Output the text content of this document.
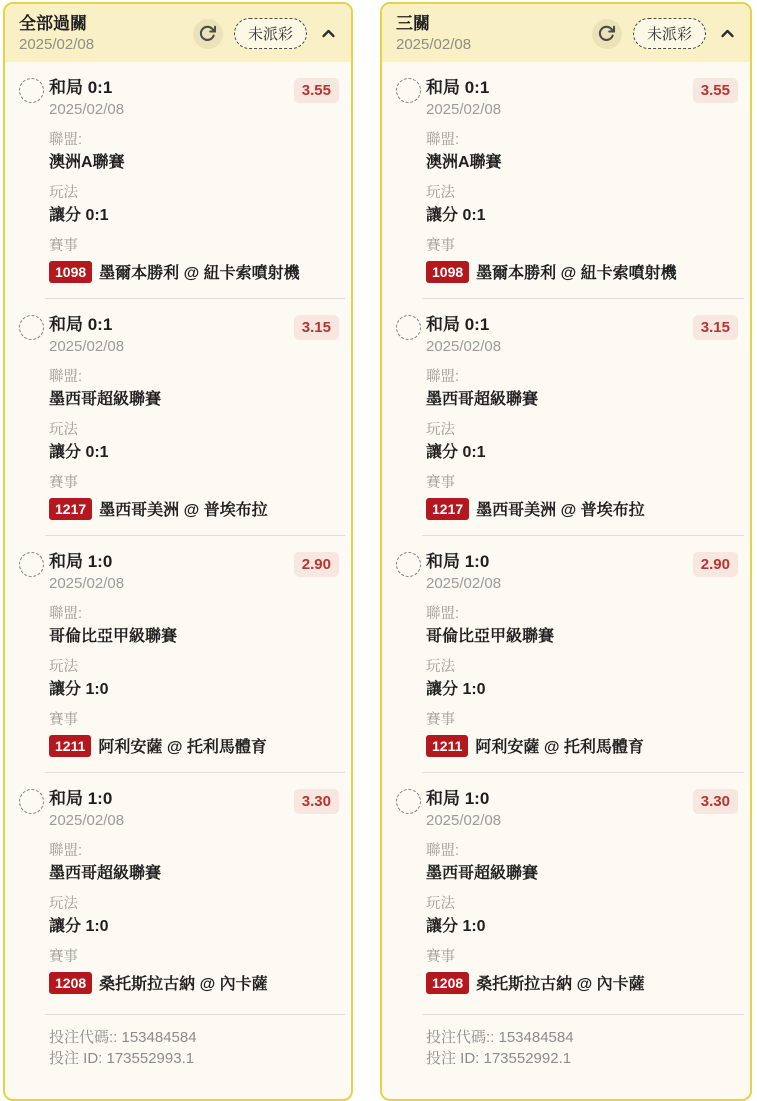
全部過關
2025/02/08
未派彩
和局 0:1
2025/02/08
3.55
聯盟:
澳洲A聯賽
玩法
讓分 0:1
賽事
1098 墨爾本勝利 @ 紐卡索噴射機
和局 0:1
2025/02/08
3.15
聯盟:
墨西哥超級聯賽
玩法
讓分 0:1
賽事
1217 墨西哥美洲 @ 普埃布拉
和局 1:0
2025/02/08
2.90
聯盟:
哥倫比亞甲級聯賽
玩法
讓分 1:0
賽事
1211 阿利安薩 @ 托利馬體育
和局 1:0
2025/02/08
3.30
聯盟:
墨西哥超級聯賽
玩法
讓分 1:0
賽事
1208 桑托斯拉古納 @ 內卡薩
投注代碼:: 153484584
投注 ID: 173552993.1
三關
2025/02/08
未派彩
和局 0:1
2025/02/08
3.55
聯盟:
澳洲A聯賽
玩法
讓分 0:1
賽事
1098 墨爾本勝利 @ 紐卡索噴射機
和局 0:1
2025/02/08
3.15
聯盟:
墨西哥超級聯賽
玩法
讓分 0:1
賽事
1217 墨西哥美洲 @ 普埃布拉
和局 1:0
2025/02/08
2.90
聯盟:
哥倫比亞甲級聯賽
玩法
讓分 1:0
賽事
1211 阿利安薩 @ 托利馬體育
和局 1:0
2025/02/08
3.30
聯盟:
墨西哥超級聯賽
玩法
讓分 1:0
賽事
1208 桑托斯拉古納 @ 內卡薩
投注代碼:: 153484584
投注 ID: 173552992.1
